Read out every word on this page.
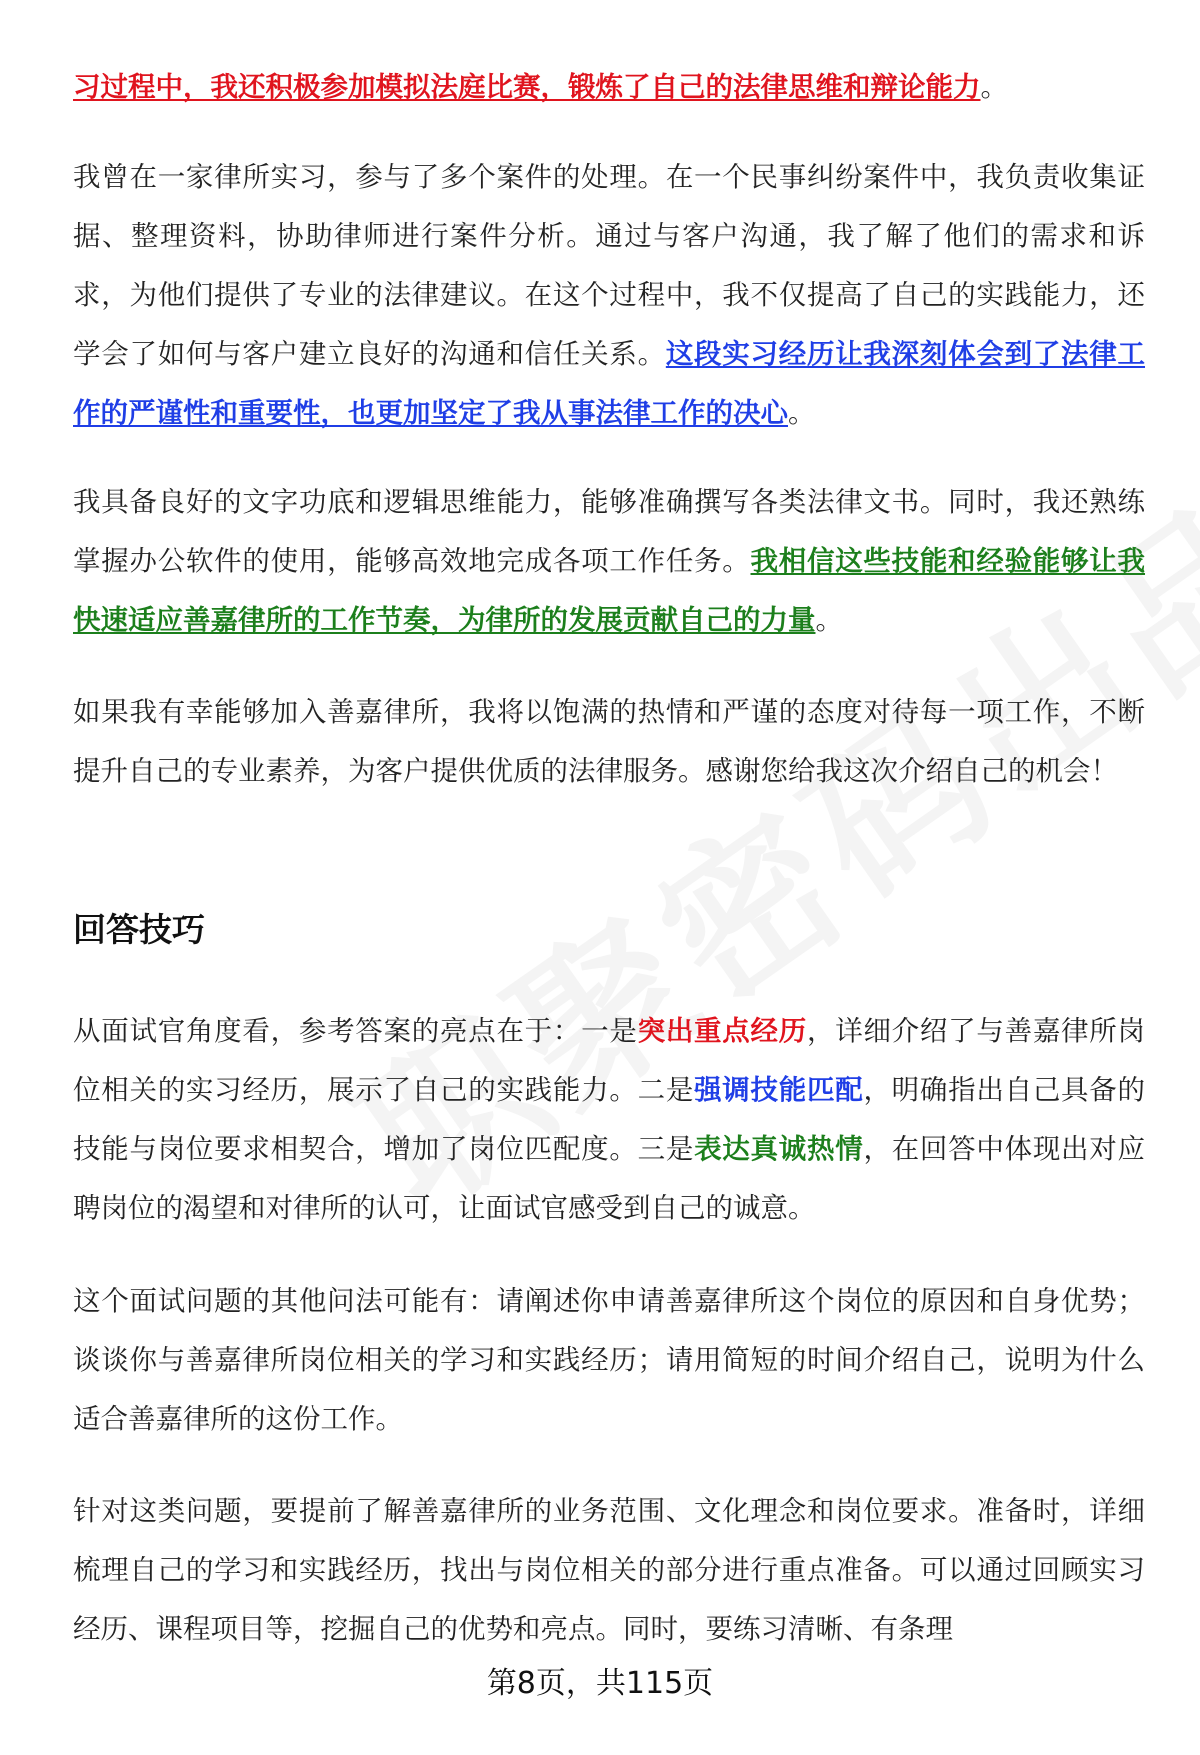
习过程中，我还积极参加模拟法庭比赛，锻炼了自己的法律思维和辩论能力。

我曾在一家律所实习，参与了多个案件的处理。在一个民事纠纷案件中，我负责收集证据、整理资料，协助律师进行案件分析。通过与客户沟通，我了解了他们的需求和诉求，为他们提供了专业的法律建议。在这个过程中，我不仅提高了自己的实践能力，还学会了如何与客户建立良好的沟通和信任关系。这段实习经历让我深刻体会到了法律工作的严谨性和重要性，也更加坚定了我从事法律工作的决心。

我具备良好的文字功底和逻辑思维能力，能够准确撰写各类法律文书。同时，我还熟练掌握办公软件的使用，能够高效地完成各项工作任务。我相信这些技能和经验能够让我快速适应善嘉律所的工作节奏，为律所的发展贡献自己的力量。

如果我有幸能够加入善嘉律所，我将以饱满的热情和严谨的态度对待每一项工作，不断提升自己的专业素养，为客户提供优质的法律服务。感谢您给我这次介绍自己的机会！

回答技巧

从面试官角度看，参考答案的亮点在于：一是突出重点经历，详细介绍了与善嘉律所岗位相关的实习经历，展示了自己的实践能力。二是强调技能匹配，明确指出自己具备的技能与岗位要求相契合，增加了岗位匹配度。三是表达真诚热情，在回答中体现出对应聘岗位的渴望和对律所的认可，让面试官感受到自己的诚意。

这个面试问题的其他问法可能有：请阐述你申请善嘉律所这个岗位的原因和自身优势；谈谈你与善嘉律所岗位相关的学习和实践经历；请用简短的时间介绍自己，说明为什么适合善嘉律所的这份工作。

针对这类问题，要提前了解善嘉律所的业务范围、文化理念和岗位要求。准备时，详细梳理自己的学习和实践经历，找出与岗位相关的部分进行重点准备。可以通过回顾实习经历、课程项目等，挖掘自己的优势和亮点。同时，要练习清晰、有条理

第8页，共115页
